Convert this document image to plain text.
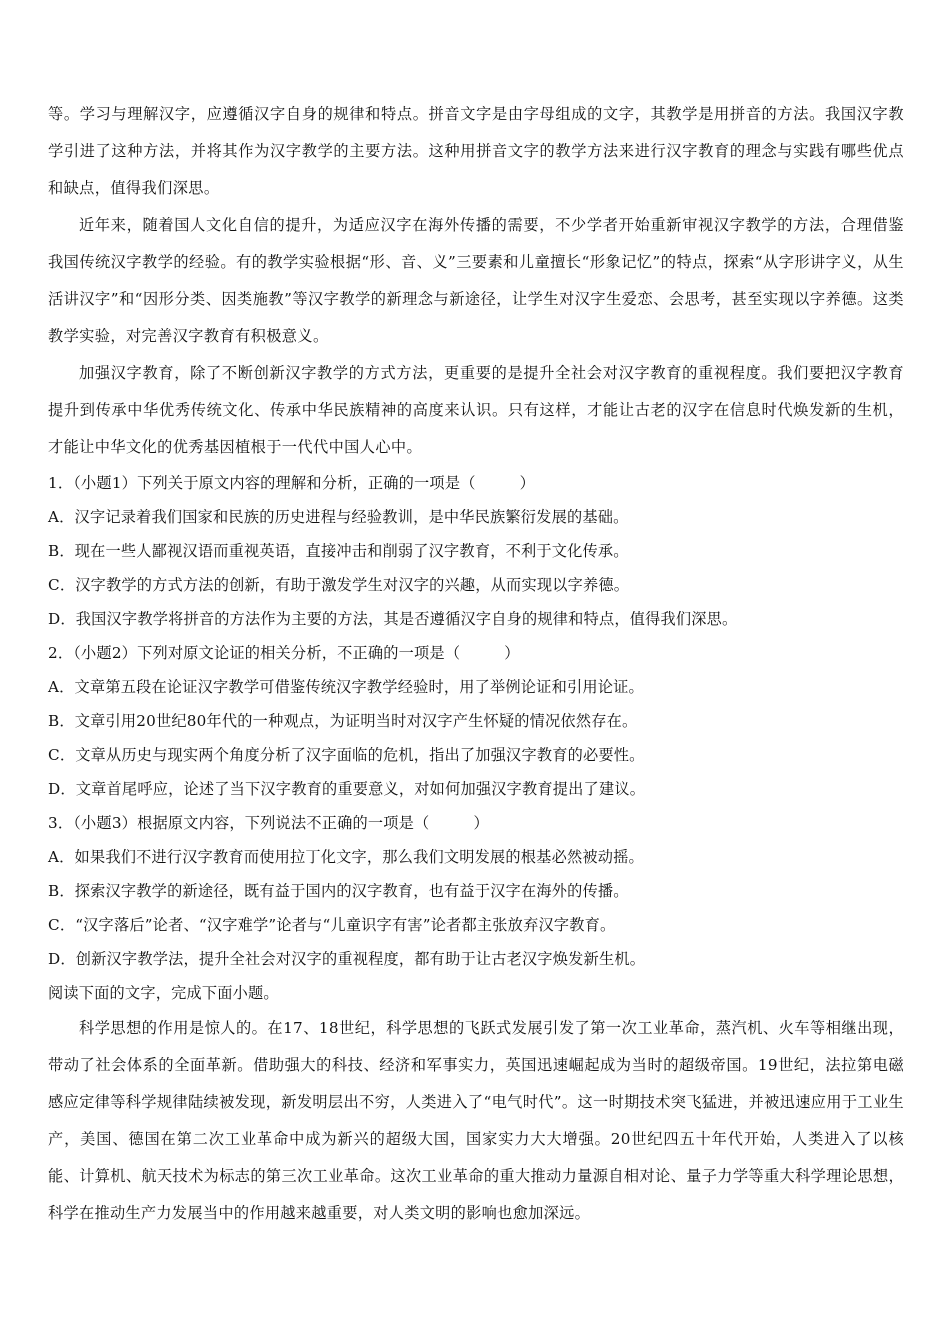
等。学习与理解汉字，应遵循汉字自身的规律和特点。拼音文字是由字母组成的文字，其教学是用拼音的方法。我国汉字教学引进了这种方法，并将其作为汉字教学的主要方法。这种用拼音文字的教学方法来进行汉字教育的理念与实践有哪些优点和缺点，值得我们深思。

近年来，随着国人文化自信的提升，为适应汉字在海外传播的需要，不少学者开始重新审视汉字教学的方法，合理借鉴我国传统汉字教学的经验。有的教学实验根据“形、音、义”三要素和儿童擅长“形象记忆”的特点，探索“从字形讲字义，从生活讲汉字”和“因形分类、因类施教”等汉字教学的新理念与新途径，让学生对汉字生爱恋、会思考，甚至实现以字养德。这类教学实验，对完善汉字教育有积极意义。

加强汉字教育，除了不断创新汉字教学的方式方法，更重要的是提升全社会对汉字教育的重视程度。我们要把汉字教育提升到传承中华优秀传统文化、传承中华民族精神的高度来认识。只有这样，才能让古老的汉字在信息时代焕发新的生机，才能让中华文化的优秀基因植根于一代代中国人心中。

1．（小题1）下列关于原文内容的理解和分析，正确的一项是（	）

A．汉字记录着我们国家和民族的历史进程与经验教训，是中华民族繁衍发展的基础。

B．现在一些人鄙视汉语而重视英语，直接冲击和削弱了汉字教育，不利于文化传承。

C．汉字教学的方式方法的创新，有助于激发学生对汉字的兴趣，从而实现以字养德。

D．我国汉字教学将拼音的方法作为主要的方法，其是否遵循汉字自身的规律和特点，值得我们深思。

2．（小题2）下列对原文论证的相关分析，不正确的一项是（	）

A．文章第五段在论证汉字教学可借鉴传统汉字教学经验时，用了举例论证和引用论证。

B．文章引用20世纪80年代的一种观点，为证明当时对汉字产生怀疑的情况依然存在。

C．文章从历史与现实两个角度分析了汉字面临的危机，指出了加强汉字教育的必要性。

D．文章首尾呼应，论述了当下汉字教育的重要意义，对如何加强汉字教育提出了建议。

3．（小题3）根据原文内容，下列说法不正确的一项是（	）

A．如果我们不进行汉字教育而使用拉丁化文字，那么我们文明发展的根基必然被动摇。

B．探索汉字教学的新途径，既有益于国内的汉字教育，也有益于汉字在海外的传播。

C．“汉字落后”论者、“汉字难学”论者与“儿童识字有害”论者都主张放弃汉字教育。

D．创新汉字教学法，提升全社会对汉字的重视程度，都有助于让古老汉字焕发新生机。

阅读下面的文字，完成下面小题。

科学思想的作用是惊人的。在17、18世纪，科学思想的飞跃式发展引发了第一次工业革命，蒸汽机、火车等相继出现，带动了社会体系的全面革新。借助强大的科技、经济和军事实力，英国迅速崛起成为当时的超级帝国。19世纪，法拉第电磁感应定律等科学规律陆续被发现，新发明层出不穷，人类进入了“电气时代”。这一时期技术突飞猛进，并被迅速应用于工业生产，美国、德国在第二次工业革命中成为新兴的超级大国，国家实力大大增强。20世纪四五十年代开始，人类进入了以核能、计算机、航天技术为标志的第三次工业革命。这次工业革命的重大推动力量源自相对论、量子力学等重大科学理论思想，科学在推动生产力发展当中的作用越来越重要，对人类文明的影响也愈加深远。
